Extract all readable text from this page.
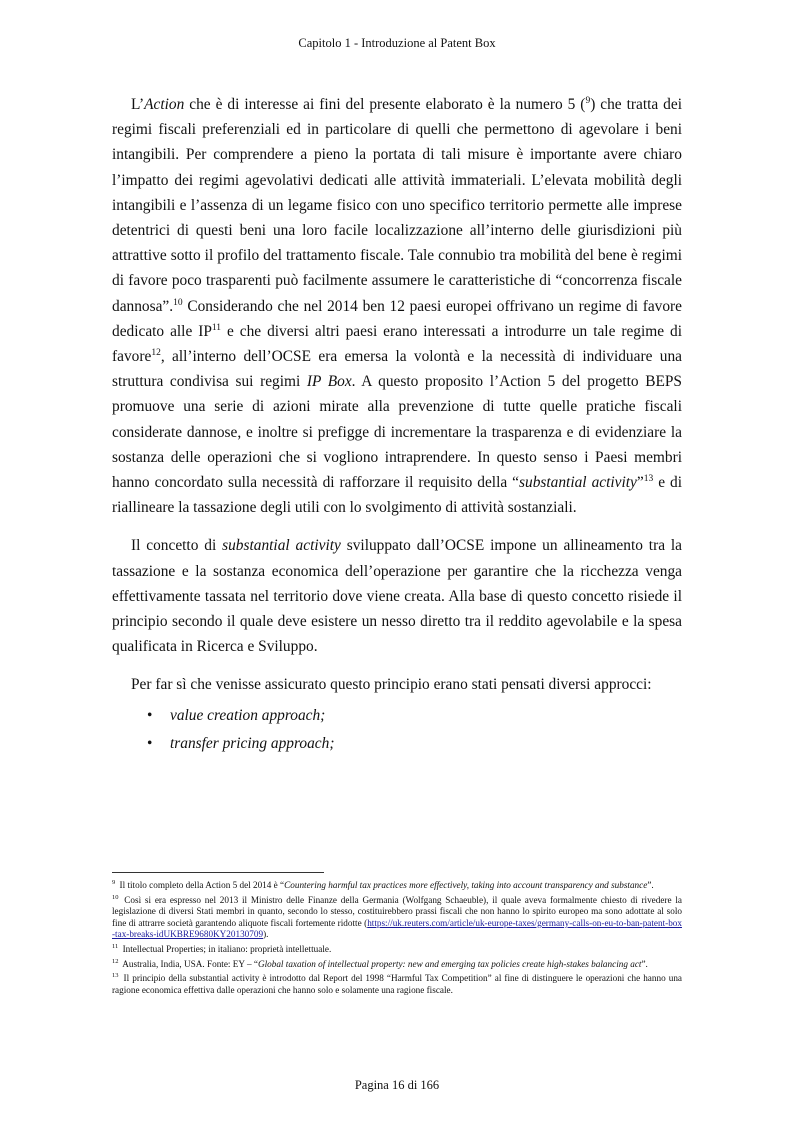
Capitolo 1 - Introduzione al Patent Box

L’Action che è di interesse ai fini del presente elaborato è la numero 5 ($^9$) che tratta dei regimi fiscali preferenziali ed in particolare di quelli che permettono di agevolare i beni intangibili. Per comprendere a pieno la portata di tali misure è importante avere chiaro l’impatto dei regimi agevolativi dedicati alle attività immateriali. L’elevata mobilità degli intangibili e l’assenza di un legame fisico con uno specifico territorio permette alle imprese detentrici di questi beni una loro facile localizzazione all’interno delle giurisdizioni più attrattive sotto il profilo del trattamento fiscale. Tale connubio tra mobilità del bene è regimi di favore poco trasparenti può facilmente assumere le caratteristiche di “concorrenza fiscale dannosa”.$^{10}$ Considerando che nel 2014 ben 12 paesi europei offrivano un regime di favore dedicato alle IP$^{11}$ e che diversi altri paesi erano interessati a introdurre un tale regime di favore$^{12}$, all’interno dell’OCSE era emersa la volontà e la necessità di individuare una struttura condivisa sui regimi IP Box. A questo proposito l’Action 5 del progetto BEPS promuove una serie di azioni mirate alla prevenzione di tutte quelle pratiche fiscali considerate dannose, e inoltre si prefigge di incrementare la trasparenza e di evidenziare la sostanza delle operazioni che si vogliono intraprendere. In questo senso i Paesi membri hanno concordato sulla necessità di rafforzare il requisito della “substantial activity”$^{13}$ e di riallineare la tassazione degli utili con lo svolgimento di attività sostanziali.

Il concetto di substantial activity sviluppato dall’OCSE impone un allineamento tra la tassazione e la sostanza economica dell’operazione per garantire che la ricchezza venga effettivamente tassata nel territorio dove viene creata. Alla base di questo concetto risiede il principio secondo il quale deve esistere un nesso diretto tra il reddito agevolabile e la spesa qualificata in Ricerca e Sviluppo.

Per far sì che venisse assicurato questo principio erano stati pensati diversi approcci:

• value creation approach;
• transfer pricing approach;
$^9$ Il titolo completo della Action 5 del 2014 è “Countering harmful tax practices more effectively, taking into account transparency and substance”.
$^{10}$ Così si era espresso nel 2013 il Ministro delle Finanze della Germania (Wolfgang Schaeuble), il quale aveva formalmente chiesto di rivedere la legislazione di diversi Stati membri in quanto, secondo lo stesso, costituirebbero prassi fiscali che non hanno lo spirito europeo ma sono adottate al solo fine di attrarre società garantendo aliquote fiscali fortemente ridotte (https://uk.reuters.com/article/uk-europe-taxes/germany-calls-on-eu-to-ban-patent-box-tax-breaks-idUKBRE9680KY20130709).
$^{11}$ Intellectual Properties; in italiano: proprietà intellettuale.
$^{12}$ Australia, India, USA. Fonte: EY – “Global taxation of intellectual property: new and emerging tax policies create high-stakes balancing act”.
$^{13}$ Il principio della substantial activity è introdotto dal Report del 1998 “Harmful Tax Competition” al fine di distinguere le operazioni che hanno una ragione economica effettiva dalle operazioni che hanno solo e solamente una ragione fiscale.
Pagina 16 di 166
